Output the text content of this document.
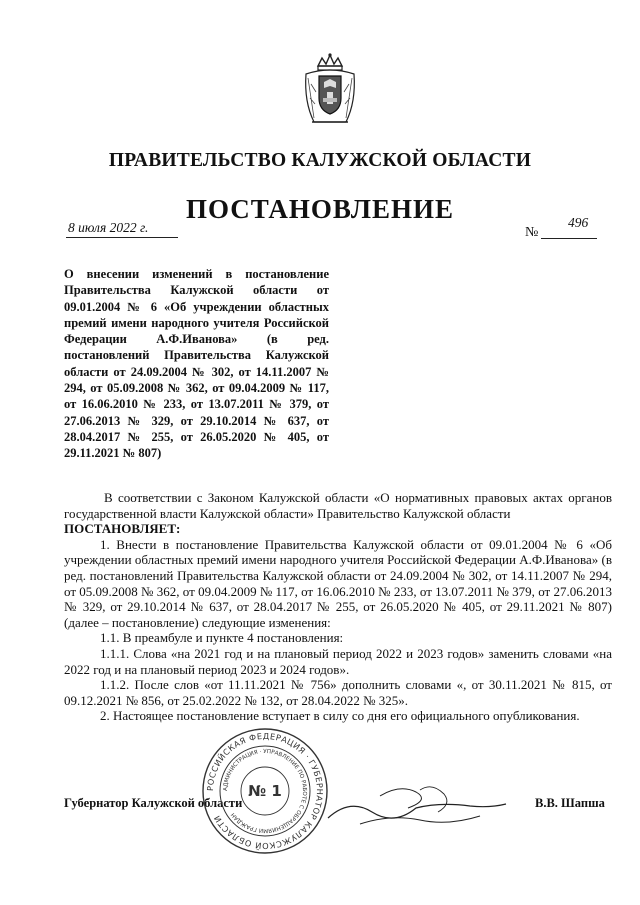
ПРАВИТЕЛЬСТВО КАЛУЖСКОЙ ОБЛАСТИ
ПОСТАНОВЛЕНИЕ
8 июля 2022 г.	№
496
О внесении изменений в постановление Правительства Калужской области от 09.01.2004 № 6 «Об учреждении областных премий имени народного учителя Российской Федерации А.Ф.Иванова» (в ред. постановлений Правительства Калужской области от 24.09.2004 № 302, от 14.11.2007 № 294, от 05.09.2008 № 362, от 09.04.2009 № 117, от 16.06.2010 № 233, от 13.07.2011 № 379, от 27.06.2013 № 329, от 29.10.2014 № 637, от 28.04.2017 № 255, от 26.05.2020 № 405, от 29.11.2021 № 807)

В соответствии с Законом Калужской области «О нормативных правовых актах органов государственной власти Калужской области» Правительство Калужской области

ПОСТАНОВЛЯЕТ:

1. Внести в постановление Правительства Калужской области от 09.01.2004 № 6 «Об учреждении областных премий имени народного учителя Российской Федерации А.Ф.Иванова» (в ред. постановлений Правительства Калужской области от 24.09.2004 № 302, от 14.11.2007 № 294, от 05.09.2008 № 362, от 09.04.2009 № 117, от 16.06.2010 № 233, от 13.07.2011 № 379, от 27.06.2013 № 329, от 29.10.2014 № 637, от 28.04.2017 № 255, от 26.05.2020 № 405, от 29.11.2021 № 807) (далее – постановление) следующие изменения:

1.1. В преамбуле и пункте 4 постановления:

1.1.1. Слова «на 2021 год и на плановый период 2022 и 2023 годов» заменить словами «на 2022 год и на плановый период 2023 и 2024 годов».

1.1.2. После слов «от 11.11.2021 № 756» дополнить словами «, от 30.11.2021 № 815, от 09.12.2021 № 856, от 25.02.2022 № 132, от 28.04.2022 № 325».

2. Настоящее постановление вступает в силу со дня его официального опубликования.

Губернатор Калужской области	В.В. Шапша
РОССИЙСКАЯ ФЕДЕРАЦИЯ · ГУБЕРНАТОР КАЛУЖСКОЙ ОБЛАСТИ
АДМИНИСТРАЦИЯ · УПРАВЛЕНИЕ ПО РАБОТЕ С ОБРАЩЕНИЯМИ ГРАЖДАН
№ 1
